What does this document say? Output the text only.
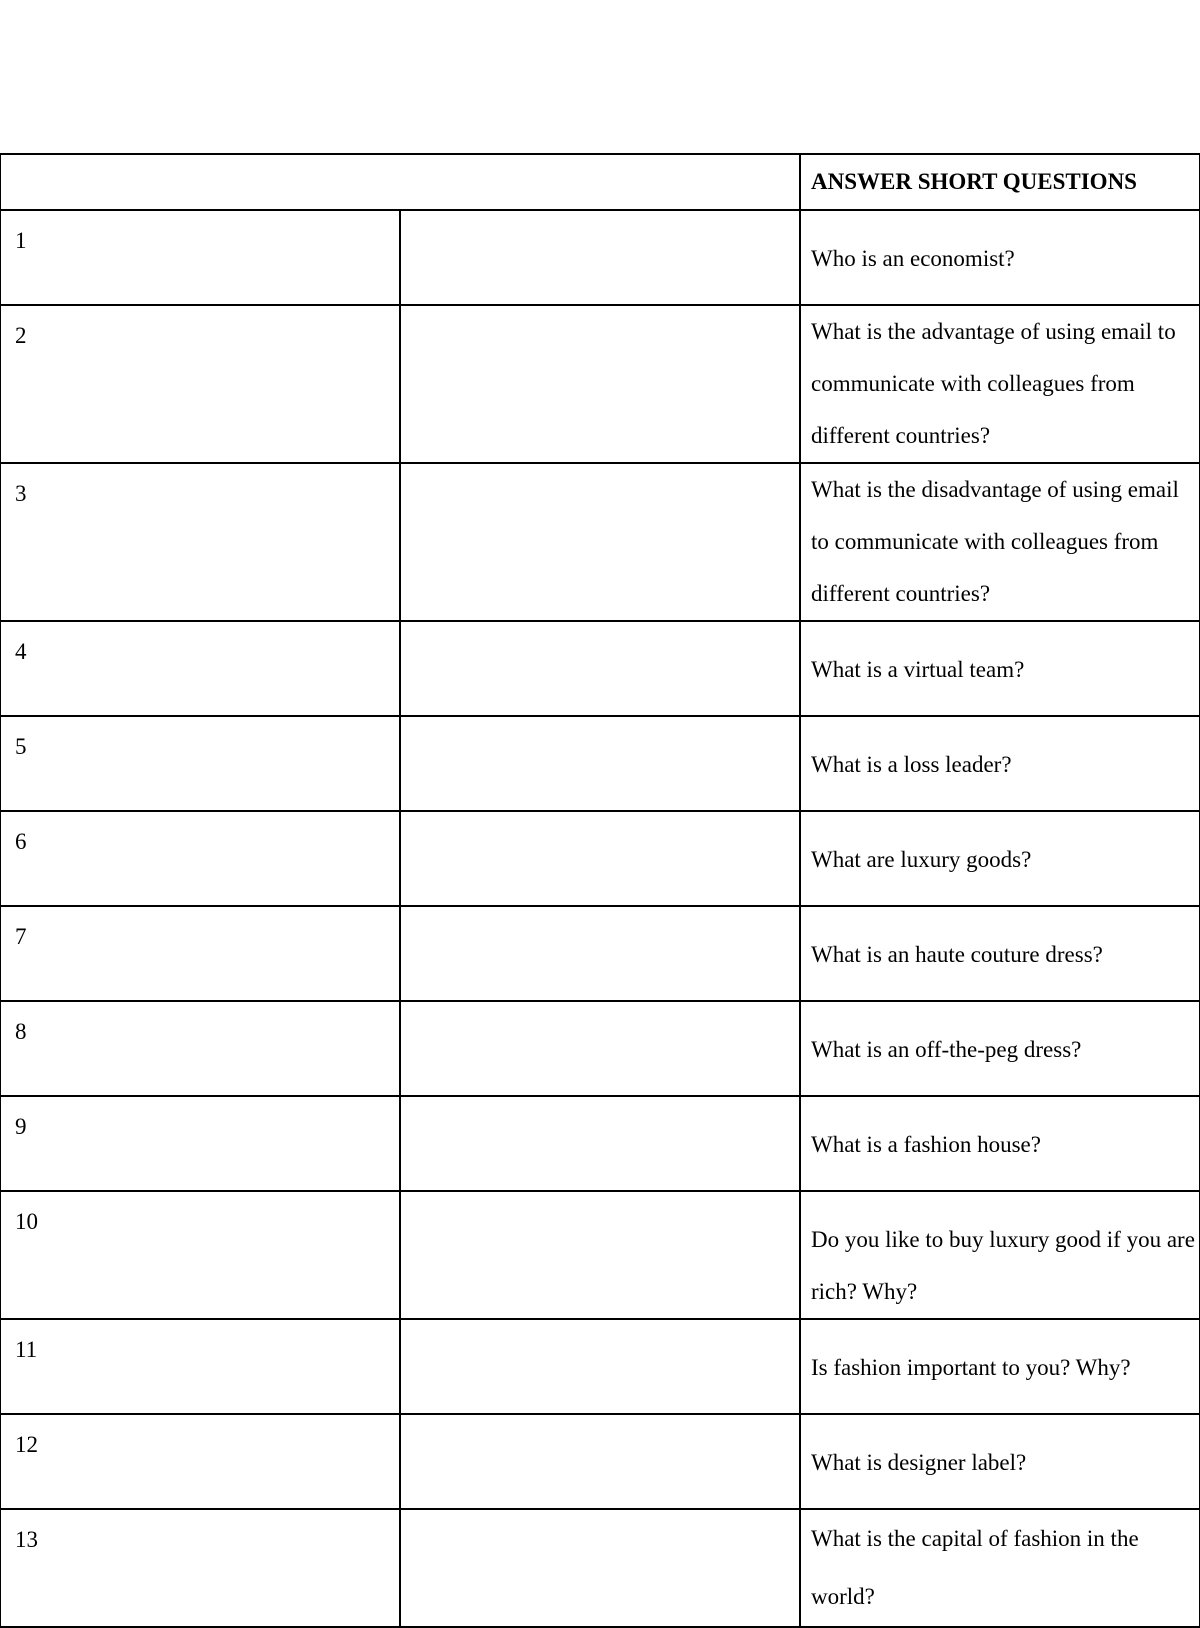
		ANSWER SHORT QUESTIONS
1		Who is an economist?

2		What is the advantage of using email to
communicate with colleagues from different countries?

3		What is the disadvantage of using email
to communicate with colleagues from different countries?

4		What is a virtual team?

5		What is a loss leader?

6		What are luxury goods?

7		What is an haute couture dress?

8		What is an off-the-peg dress?

9		What is a fashion house?

10		Do you like to buy luxury good if you are rich? Why?

11		Is fashion important to you? Why?

12		What is designer label?

13		What is the capital of fashion in the world?
